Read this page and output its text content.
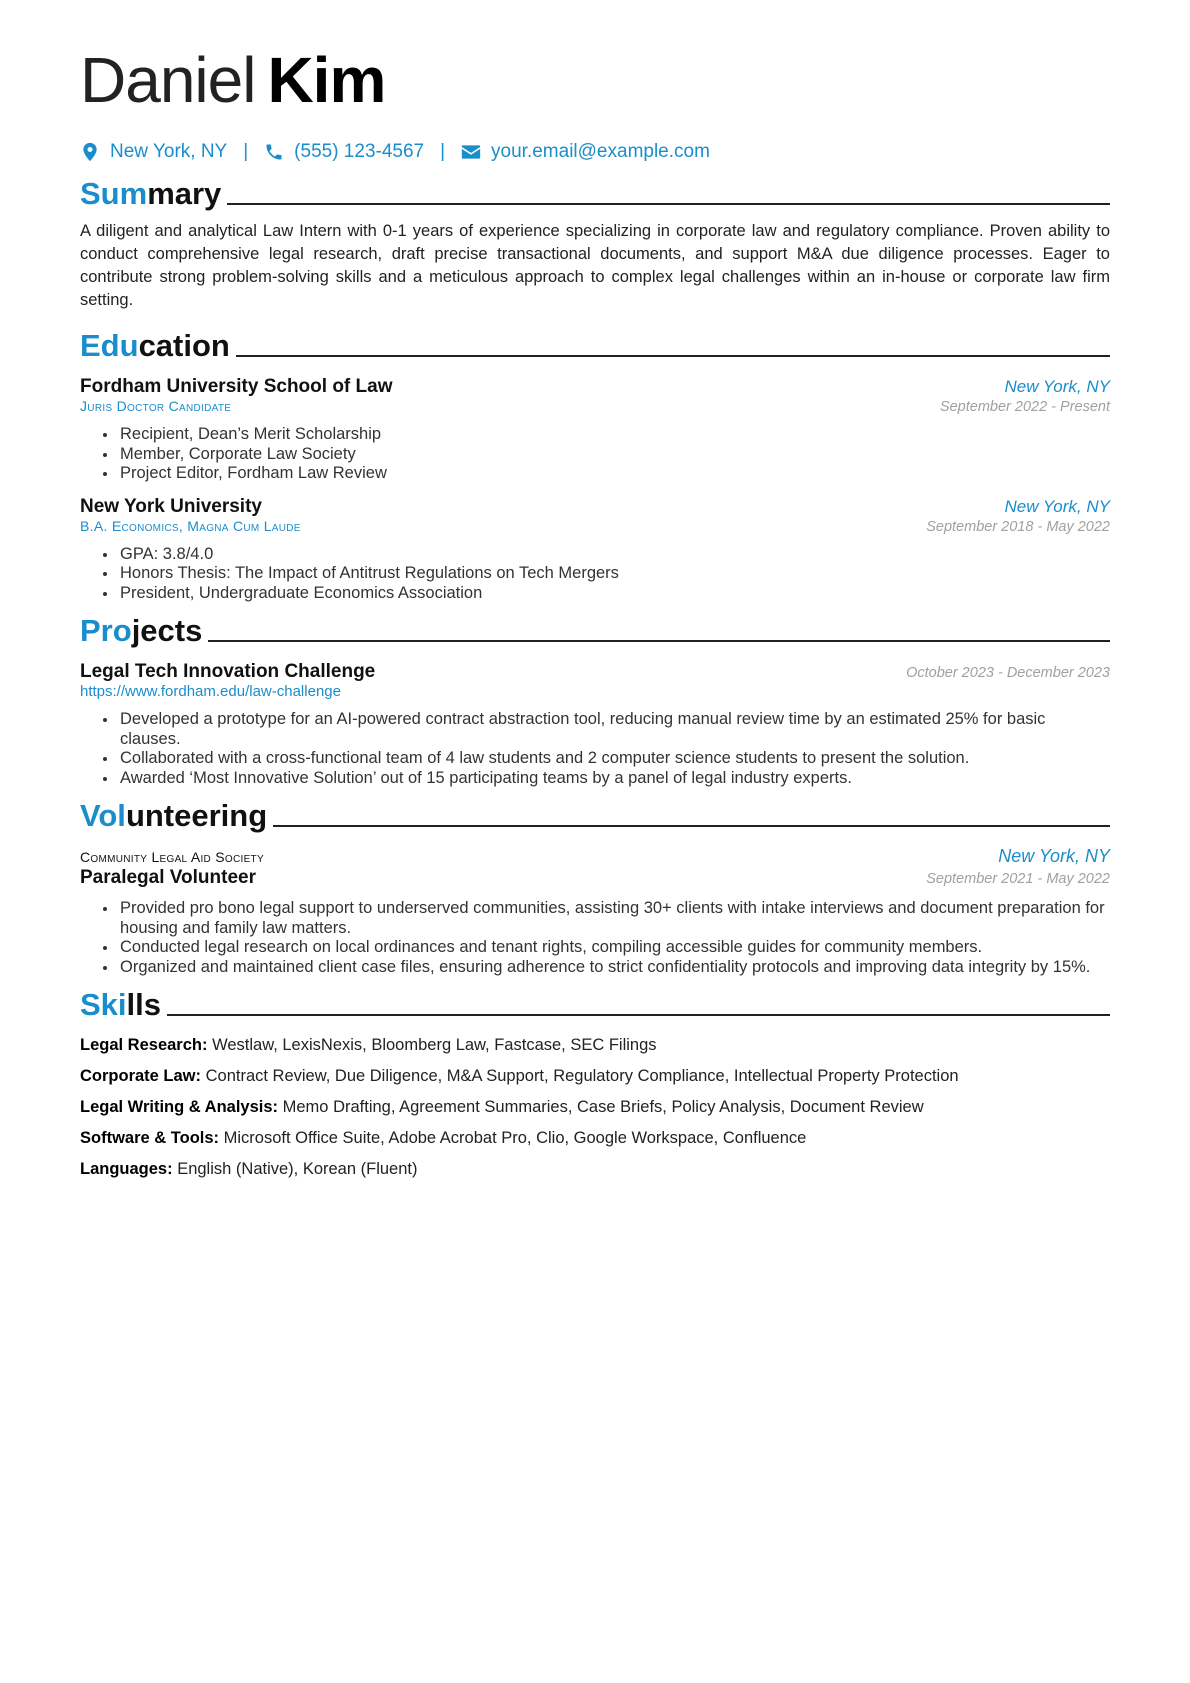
Daniel Kim
New York, NY | (555) 123-4567 | your.email@example.com
Summary
A diligent and analytical Law Intern with 0-1 years of experience specializing in corporate law and regulatory compliance. Proven ability to conduct comprehensive legal research, draft precise transactional documents, and support M&A due diligence processes. Eager to contribute strong problem-solving skills and a meticulous approach to complex legal challenges within an in-house or corporate law firm setting.
Education
Fordham University School of Law	New York, NY
Juris Doctor Candidate	September 2022 - Present
• Recipient, Dean’s Merit Scholarship
• Member, Corporate Law Society
• Project Editor, Fordham Law Review
New York University	New York, NY
B.A. Economics, Magna Cum Laude	September 2018 - May 2022
• GPA: 3.8/4.0
• Honors Thesis: The Impact of Antitrust Regulations on Tech Mergers
• President, Undergraduate Economics Association
Projects
Legal Tech Innovation Challenge	October 2023 - December 2023
https://www.fordham.edu/law-challenge
• Developed a prototype for an AI-powered contract abstraction tool, reducing manual review time by an estimated 25% for basic clauses.
• Collaborated with a cross-functional team of 4 law students and 2 computer science students to present the solution.
• Awarded ‘Most Innovative Solution’ out of 15 participating teams by a panel of legal industry experts.
Volunteering
Community Legal Aid Society	New York, NY
Paralegal Volunteer	September 2021 - May 2022
• Provided pro bono legal support to underserved communities, assisting 30+ clients with intake interviews and document preparation for housing and family law matters.
• Conducted legal research on local ordinances and tenant rights, compiling accessible guides for community members.
• Organized and maintained client case files, ensuring adherence to strict confidentiality protocols and improving data integrity by 15%.
Skills
Legal Research: Westlaw, LexisNexis, Bloomberg Law, Fastcase, SEC Filings
Corporate Law: Contract Review, Due Diligence, M&A Support, Regulatory Compliance, Intellectual Property Protection
Legal Writing & Analysis: Memo Drafting, Agreement Summaries, Case Briefs, Policy Analysis, Document Review
Software & Tools: Microsoft Office Suite, Adobe Acrobat Pro, Clio, Google Workspace, Confluence
Languages: English (Native), Korean (Fluent)
